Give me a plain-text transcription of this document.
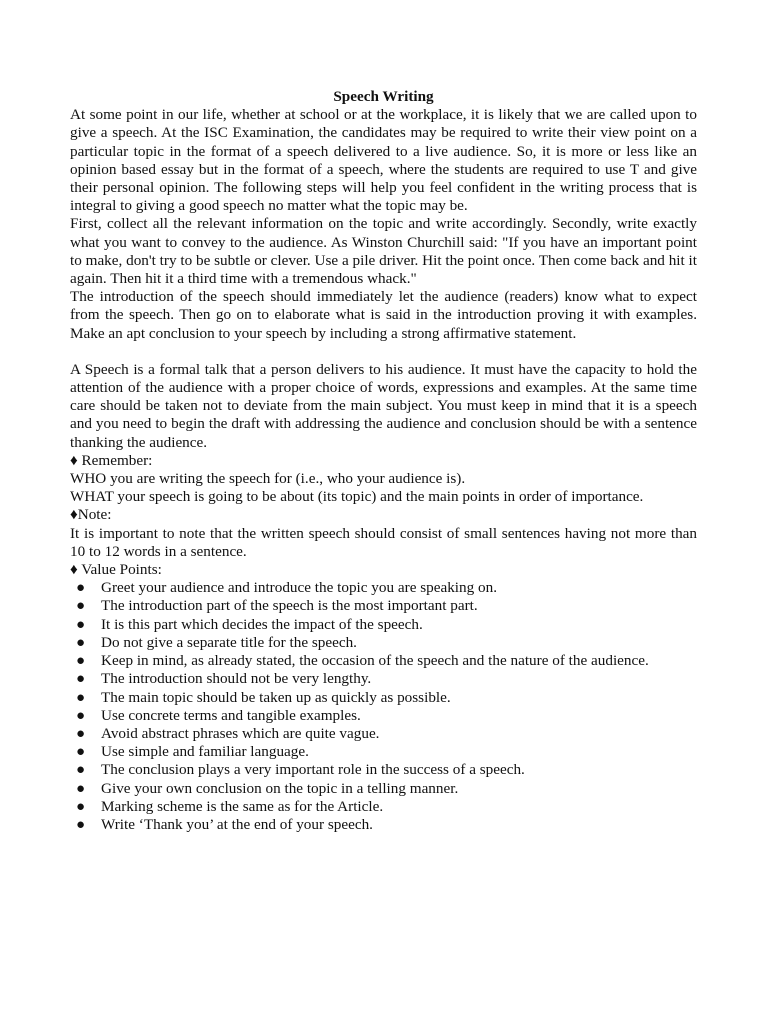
Speech Writing

At some point in our life, whether at school or at the workplace, it is likely that we are called upon to give a speech. At the ISC Examination, the candidates may be required to write their view point on a particular topic in the format of a speech delivered to a live audience. So, it is more or less like an opinion based essay but in the format of a speech, where the students are required to use T and give their personal opinion. The following steps will help you feel confident in the writing process that is integral to giving a good speech no matter what the topic may be.

First, collect all the relevant information on the topic and write accordingly. Secondly, write exactly what you want to convey to the audience. As Winston Churchill said: "If you have an important point to make, don't try to be subtle or clever. Use a pile driver. Hit the point once. Then come back and hit it again. Then hit it a third time with a tremendous whack."

The introduction of the speech should immediately let the audience (readers) know what to expect from the speech. Then go on to elaborate what is said in the introduction proving it with examples. Make an apt conclusion to your speech by including a strong affirmative statement.

A Speech is a formal talk that a person delivers to his audience. It must have the capacity to hold the attention of the audience with a proper choice of words, expressions and examples. At the same time care should be taken not to deviate from the main subject. You must keep in mind that it is a speech and you need to begin the draft with addressing the audience and conclusion should be with a sentence thanking the audience.

♦ Remember:

WHO you are writing the speech for (i.e., who your audience is).

WHAT your speech is going to be about (its topic) and the main points in order of importance.

♦Note:

It is important to note that the written speech should consist of small sentences having not more than 10 to 12 words in a sentence.

♦ Value Points:

● Greet your audience and introduce the topic you are speaking on.
● The introduction part of the speech is the most important part.
● It is this part which decides the impact of the speech.
● Do not give a separate title for the speech.
● Keep in mind, as already stated, the occasion of the speech and the nature of the audience.
● The introduction should not be very lengthy.
● The main topic should be taken up as quickly as possible.
● Use concrete terms and tangible examples.
● Avoid abstract phrases which are quite vague.
● Use simple and familiar language.
● The conclusion plays a very important role in the success of a speech.
● Give your own conclusion on the topic in a telling manner.
● Marking scheme is the same as for the Article.
● Write ‘Thank you’ at the end of your speech.
